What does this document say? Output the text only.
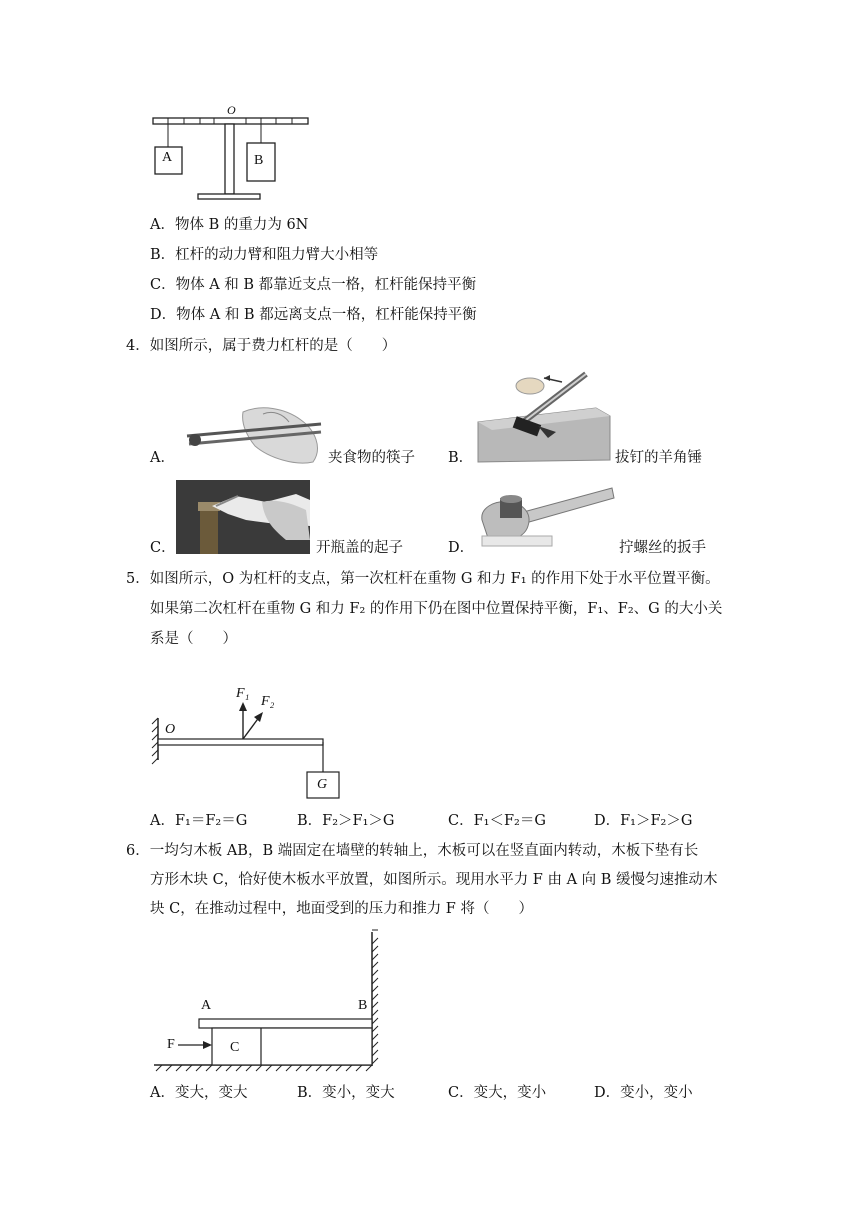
A	B
O
A．物体 B 的重力为 6N
B．杠杆的动力臂和阻力臂大小相等
C．物体 A 和 B 都靠近支点一格，杠杆能保持平衡
D．物体 A 和 B 都远离支点一格，杠杆能保持平衡
4．如图所示，属于费力杠杆的是（　　）
A．	夹食物的筷子 B．	拔钉的羊角锤
C．	开瓶盖的起子	D．	拧螺丝的扳手
5．如图所示，O 为杠杆的支点，第一次杠杆在重物 G 和力 F₁ 的作用下处于水平位置平衡。
如果第二次杠杆在重物 G 和力 F₂ 的作用下仍在图中位置保持平衡，F₁、F₂、G 的大小关
系是（　　）
O
F₁
F₂
G
A．F₁＝F₂＝G	B．F₂＞F₁＞G	C．F₁＜F₂＝G	D．F₁＞F₂＞G
6．一均匀木板 AB，B 端固定在墙壁的转轴上，木板可以在竖直面内转动，木板下垫有长
方形木块 C，恰好使木板水平放置，如图所示。现用水平力 F 由 A 向 B 缓慢匀速推动木
块 C，在推动过程中，地面受到的压力和推力 F 将（　　）
A	B
C
F
A．变大，变大	B．变小，变大	C．变大，变小	D．变小，变小
